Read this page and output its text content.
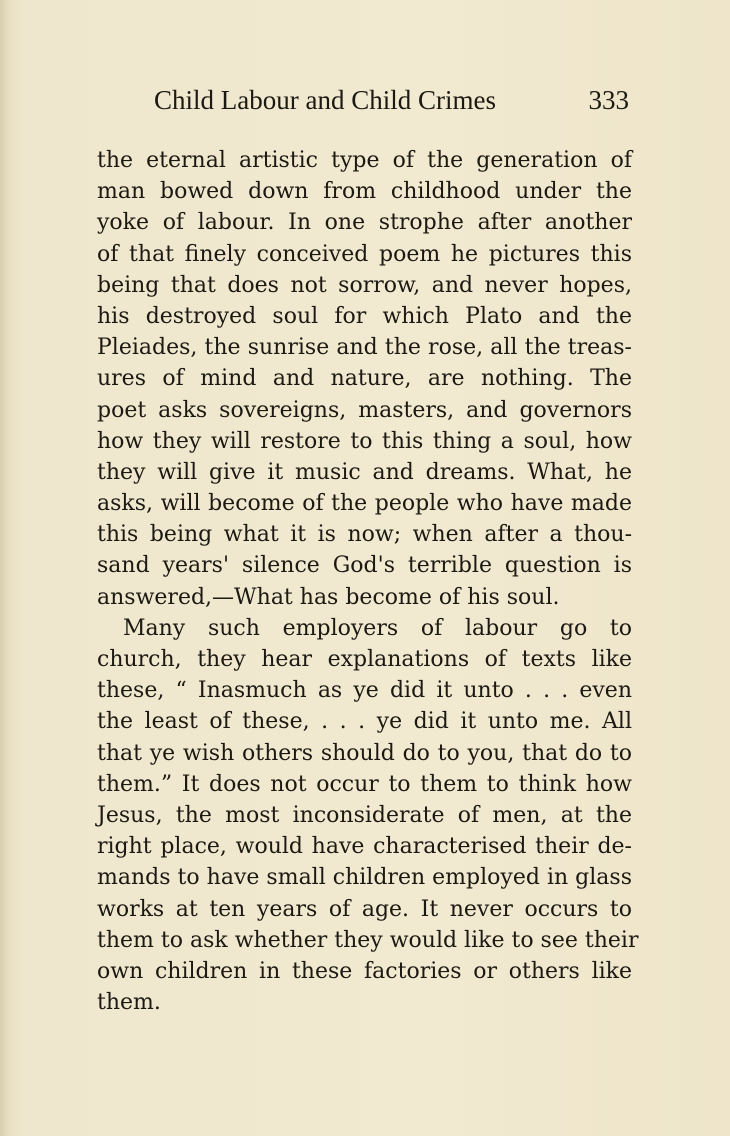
Child Labour and Child Crimes	333
the eternal artistic type of the generation of
man bowed down from childhood under the
yoke of labour. In one strophe after another
of that finely conceived poem he pictures this
being that does not sorrow, and never hopes,
his destroyed soul for which Plato and the
Pleiades, the sunrise and the rose, all the treas-
ures of mind and nature, are nothing. The
poet asks sovereigns, masters, and governors
how they will restore to this thing a soul, how
they will give it music and dreams. What, he
asks, will become of the people who have made
this being what it is now; when after a thou-
sand years' silence God's terrible question is
answered,—What has become of his soul.
Many such employers of labour go to
church, they hear explanations of texts like
these, “ Inasmuch as ye did it unto . . . even
the least of these, . . . ye did it unto me. All
that ye wish others should do to you, that do to
them.” It does not occur to them to think how
Jesus, the most inconsiderate of men, at the
right place, would have characterised their de-
mands to have small children employed in glass
works at ten years of age. It never occurs to
them to ask whether they would like to see their
own children in these factories or others like
them.
